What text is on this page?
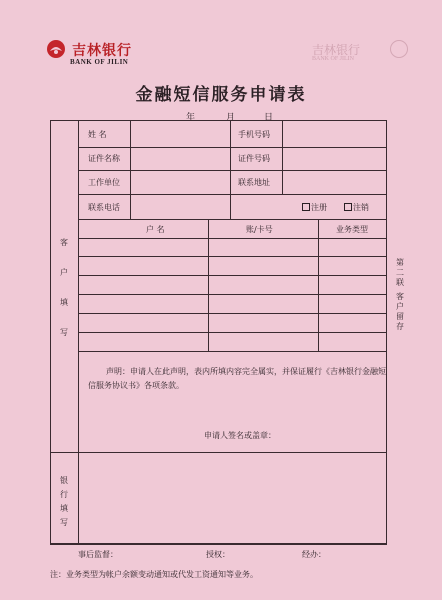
吉林银行
BANK OF JILIN
吉林银行
BANK OF JILIN
金融短信服务申请表
年	月	日
姓 名	手机号码
证件名称	证件号码
工作单位	联系地址
联系电话	注册	注销
户 名	账/卡号	业务类型
客
户
填
写
声明：申请人在此声明，表内所填内容完全属实，并保证履行《吉林银行金融短
信服务协议书》各项条款。
申请人签名或盖章：
银
行
填
写
事后监督：	授权：	经办：
注：业务类型为帐户余额变动通知或代发工资通知等业务。
第
二
联
客
户
留
存
